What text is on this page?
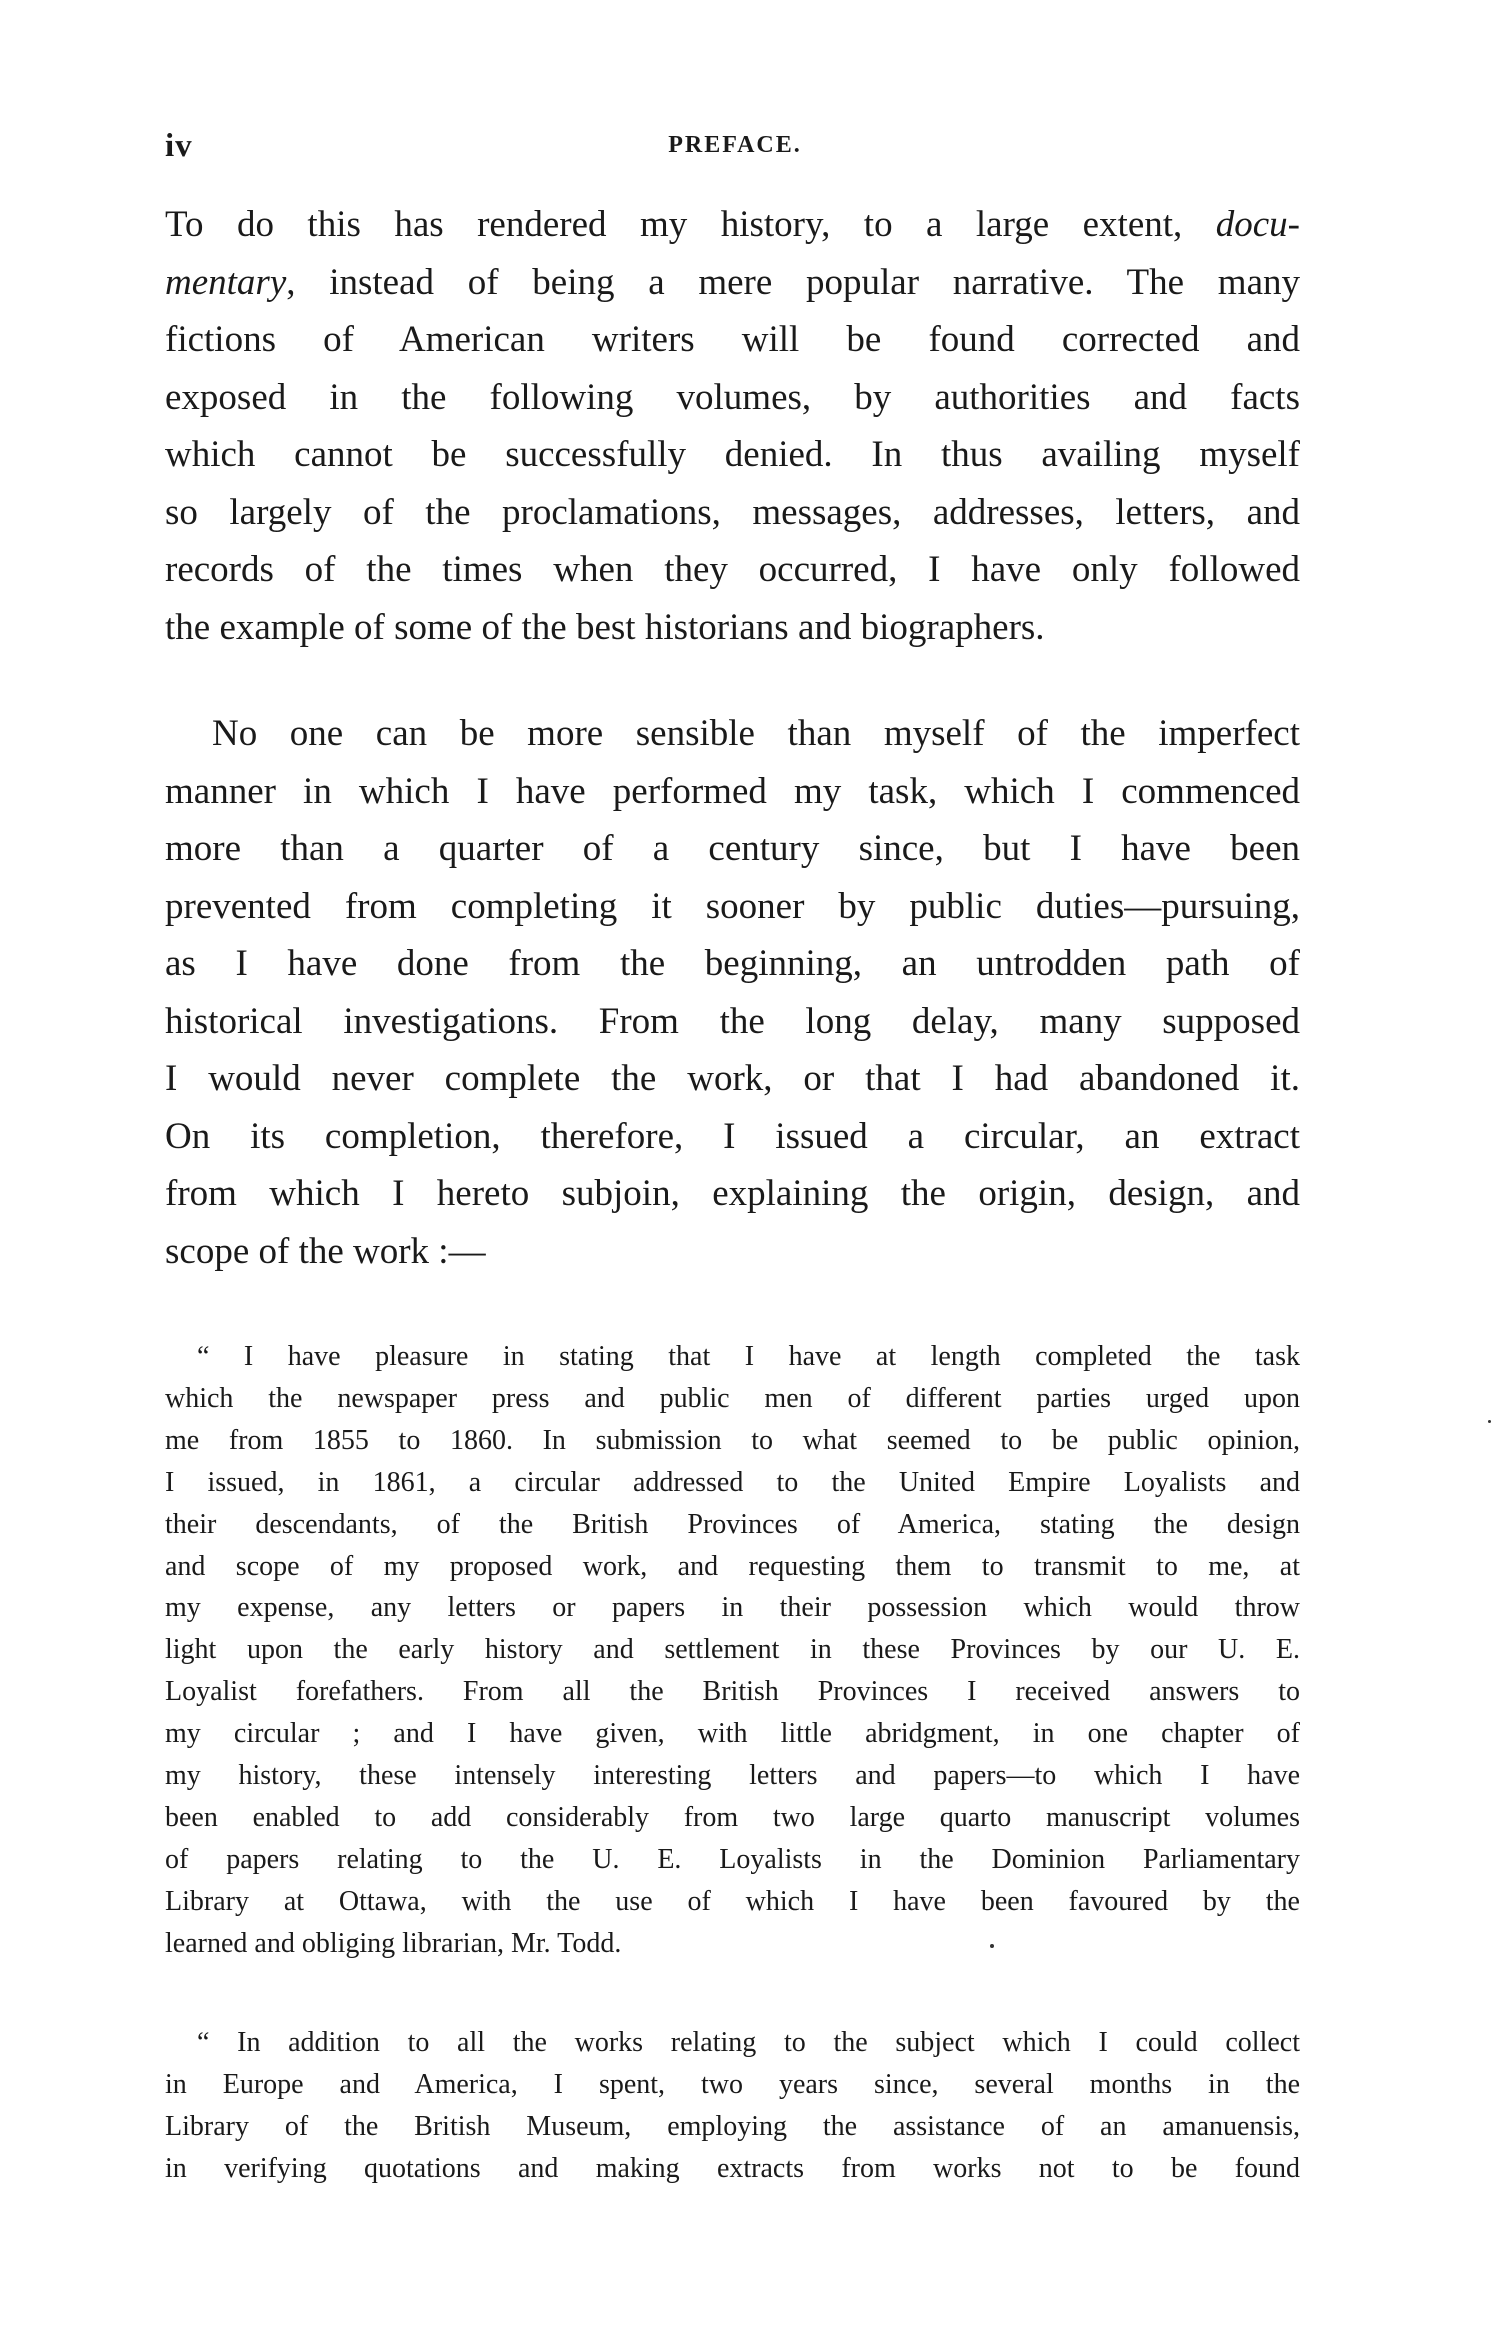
iv	PREFACE.
To do this has rendered my history, to a large extent, docu-
mentary, instead of being a mere popular narrative. The many
fictions of American writers will be found corrected and
exposed in the following volumes, by authorities and facts
which cannot be successfully denied. In thus availing myself
so largely of the proclamations, messages, addresses, letters, and
records of the times when they occurred, I have only followed
the example of some of the best historians and biographers.
No one can be more sensible than myself of the imperfect
manner in which I have performed my task, which I commenced
more than a quarter of a century since, but I have been
prevented from completing it sooner by public duties—pursuing,
as I have done from the beginning, an untrodden path of
historical investigations. From the long delay, many supposed
I would never complete the work, or that I had abandoned it.
On its completion, therefore, I issued a circular, an extract
from which I hereto subjoin, explaining the origin, design, and
scope of the work :—
“ I have pleasure in stating that I have at length completed the task
which the newspaper press and public men of different parties urged upon
me from 1855 to 1860. In submission to what seemed to be public opinion,
I issued, in 1861, a circular addressed to the United Empire Loyalists and
their descendants, of the British Provinces of America, stating the design
and scope of my proposed work, and requesting them to transmit to me, at
my expense, any letters or papers in their possession which would throw
light upon the early history and settlement in these Provinces by our U. E.
Loyalist forefathers. From all the British Provinces I received answers to
my circular ; and I have given, with little abridgment, in one chapter of
my history, these intensely interesting letters and papers—to which I have
been enabled to add considerably from two large quarto manuscript volumes
of papers relating to the U. E. Loyalists in the Dominion Parliamentary
Library at Ottawa, with the use of which I have been favoured by the
learned and obliging librarian, Mr. Todd.
“ In addition to all the works relating to the subject which I could collect
in Europe and America, I spent, two years since, several months in the
Library of the British Museum, employing the assistance of an amanuensis,
in verifying quotations and making extracts from works not to be found
